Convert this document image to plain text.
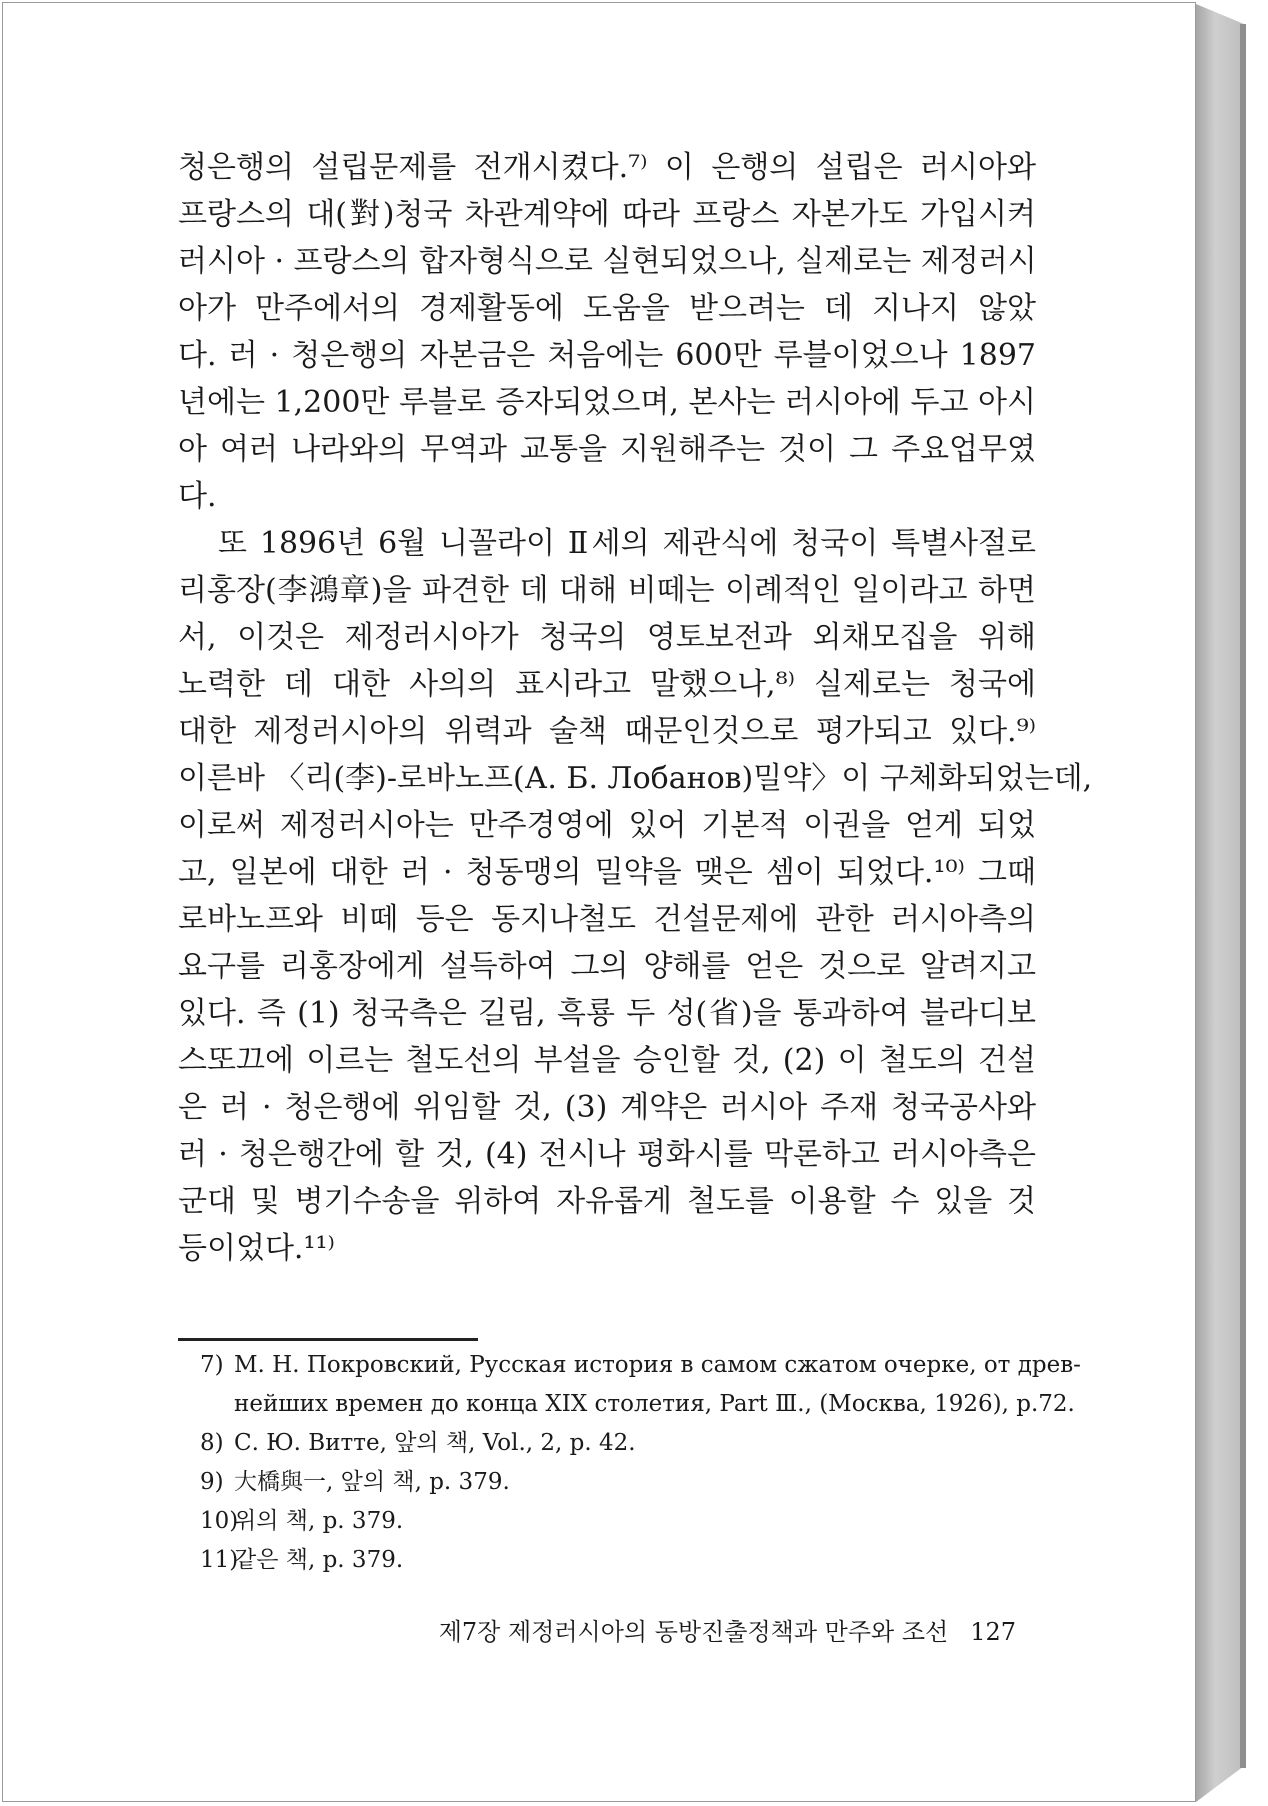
청은행의 설립문제를 전개시켰다.⁷⁾ 이 은행의 설립은 러시아와
프랑스의 대(對)청국 차관계약에 따라 프랑스 자본가도 가입시켜
러시아 · 프랑스의 합자형식으로 실현되었으나, 실제로는 제정러시
아가 만주에서의 경제활동에 도움을 받으려는 데 지나지 않았
다. 러 · 청은행의 자본금은 처음에는 600만 루블이었으나 1897
년에는 1,200만 루블로 증자되었으며, 본사는 러시아에 두고 아시
아 여러 나라와의 무역과 교통을 지원해주는 것이 그 주요업무였
다.
또 1896년 6월 니꼴라이 Ⅱ세의 제관식에 청국이 특별사절로
리홍장(李鴻章)을 파견한 데 대해 비떼는 이례적인 일이라고 하면
서, 이것은 제정러시아가 청국의 영토보전과 외채모집을 위해
노력한 데 대한 사의의 표시라고 말했으나,⁸⁾ 실제로는 청국에
대한 제정러시아의 위력과 술책 때문인것으로 평가되고 있다.⁹⁾
이른바 〈리(李)-로바노프(А. Б. Лобанов)밀약〉이 구체화되었는데,
이로써 제정러시아는 만주경영에 있어 기본적 이권을 얻게 되었
고, 일본에 대한 러 · 청동맹의 밀약을 맺은 셈이 되었다.¹⁰⁾ 그때
로바노프와 비떼 등은 동지나철도 건설문제에 관한 러시아측의
요구를 리홍장에게 설득하여 그의 양해를 얻은 것으로 알려지고
있다. 즉 (1) 청국측은 길림, 흑룡 두 성(省)을 통과하여 블라디보
스또끄에 이르는 철도선의 부설을 승인할 것, (2) 이 철도의 건설
은 러 · 청은행에 위임할 것, (3) 계약은 러시아 주재 청국공사와
러 · 청은행간에 할 것, (4) 전시나 평화시를 막론하고 러시아측은
군대 및 병기수송을 위하여 자유롭게 철도를 이용할 수 있을 것
등이었다.¹¹⁾
7) М. Н. Покровский, Русская история в самом сжатом очерке, от древ-
нейших времен до конца XIX столетия, Part Ⅲ., (Москва, 1926), p.72.
8) С. Ю. Витте, 앞의 책, Vol., 2, p. 42.
9) 大橋與一, 앞의 책, p. 379.
10)위의 책, p. 379.
11)같은 책, p. 379.
제7장 제정러시아의 동방진출정책과 만주와 조선 127
